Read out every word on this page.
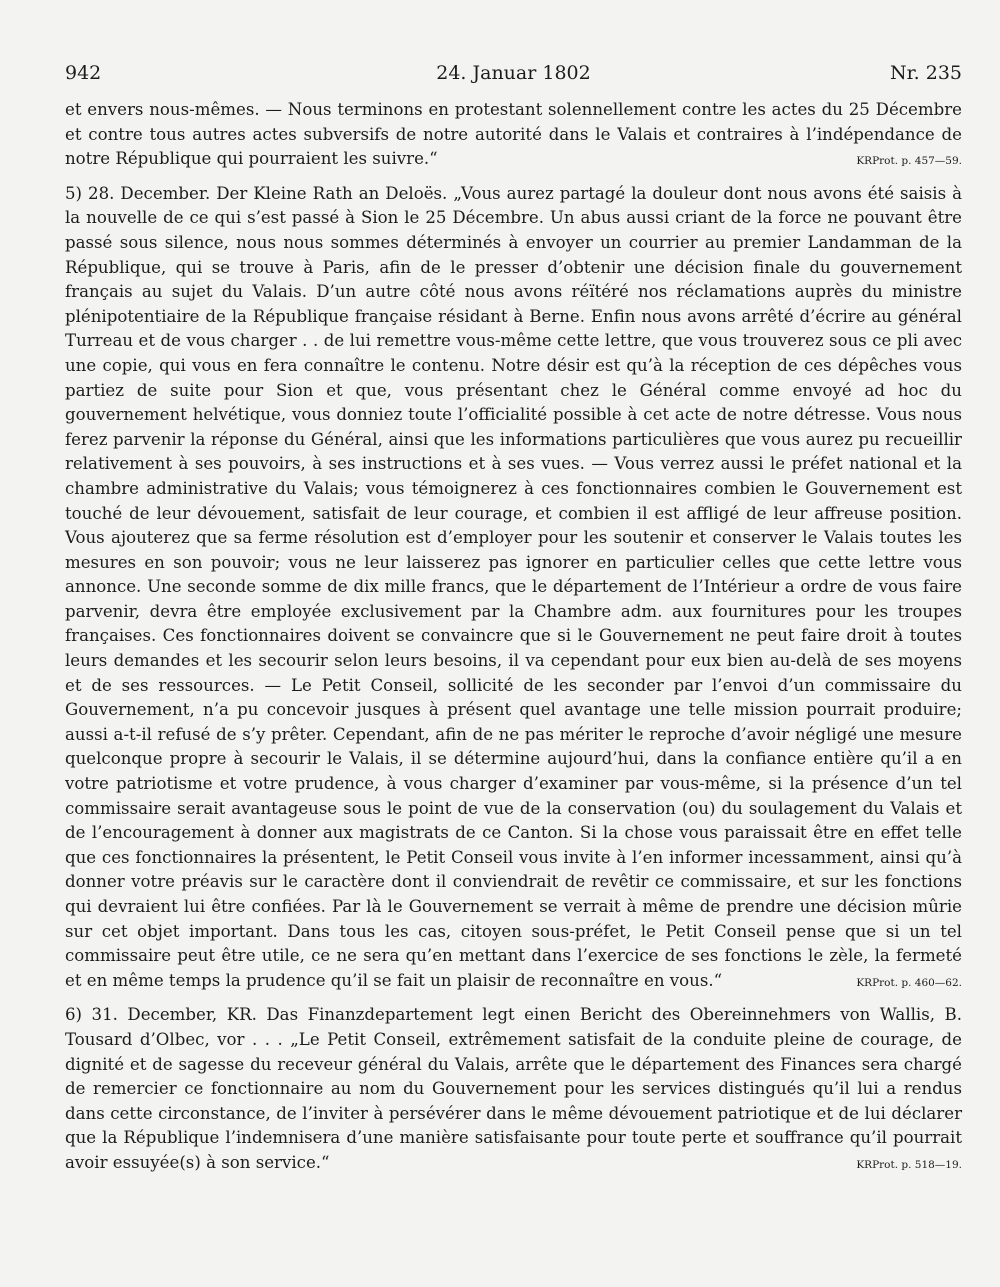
942	24. Januar 1802	Nr. 235

et envers nous-mêmes. — Nous terminons en protestant solennellement contre les actes du 25 Décembre et contre tous autres actes subversifs de notre autorité dans le Valais et contraires à l’indépendance de notre République qui pourraient les suivre.“	KRProt. p. 457—59.

5) 28. December. Der Kleine Rath an Deloës. „Vous aurez partagé la douleur dont nous avons été saisis à la nouvelle de ce qui s’est passé à Sion le 25 Décembre. Un abus aussi criant de la force ne pouvant être passé sous silence, nous nous sommes déterminés à envoyer un courrier au premier Landamman de la République, qui se trouve à Paris, afin de le presser d’obtenir une décision finale du gouvernement français au sujet du Valais. D’un autre côté nous avons réïtéré nos réclamations auprès du ministre plénipotentiaire de la République française résidant à Berne. Enfin nous avons arrêté d’écrire au général Turreau et de vous charger . . de lui remettre vous-même cette lettre, que vous trouverez sous ce pli avec une copie, qui vous en fera connaître le contenu. Notre désir est qu’à la réception de ces dépêches vous partiez de suite pour Sion et que, vous présentant chez le Général comme envoyé ad hoc du gouvernement helvétique, vous donniez toute l’officialité possible à cet acte de notre détresse. Vous nous ferez parvenir la réponse du Général, ainsi que les informations particulières que vous aurez pu recueillir relativement à ses pouvoirs, à ses instructions et à ses vues. — Vous verrez aussi le préfet national et la chambre administrative du Valais; vous témoignerez à ces fonctionnaires combien le Gouvernement est touché de leur dévouement, satisfait de leur courage, et combien il est affligé de leur affreuse position. Vous ajouterez que sa ferme résolution est d’employer pour les soutenir et conserver le Valais toutes les mesures en son pouvoir; vous ne leur laisserez pas ignorer en particulier celles que cette lettre vous annonce. Une seconde somme de dix mille francs, que le département de l’Intérieur a ordre de vous faire parvenir, devra être employée exclusivement par la Chambre adm. aux fournitures pour les troupes françaises. Ces fonctionnaires doivent se convaincre que si le Gouvernement ne peut faire droit à toutes leurs demandes et les secourir selon leurs besoins, il va cependant pour eux bien au-delà de ses moyens et de ses ressources. — Le Petit Conseil, sollicité de les seconder par l’envoi d’un commissaire du Gouvernement, n’a pu concevoir jusques à présent quel avantage une telle mission pourrait produire; aussi a-t-il refusé de s’y prêter. Cependant, afin de ne pas mériter le reproche d’avoir négligé une mesure quelconque propre à secourir le Valais, il se détermine aujourd’hui, dans la confiance entière qu’il a en votre patriotisme et votre prudence, à vous charger d’examiner par vous-même, si la présence d’un tel commissaire serait avantageuse sous le point de vue de la conservation (ou) du soulagement du Valais et de l’encouragement à donner aux magistrats de ce Canton. Si la chose vous paraissait être en effet telle que ces fonctionnaires la présentent, le Petit Conseil vous invite à l’en informer incessamment, ainsi qu’à donner votre préavis sur le caractère dont il conviendrait de revêtir ce commissaire, et sur les fonctions qui devraient lui être confiées. Par là le Gouvernement se verrait à même de prendre une décision mûrie sur cet objet important. Dans tous les cas, citoyen sous-préfet, le Petit Conseil pense que si un tel commissaire peut être utile, ce ne sera qu’en mettant dans l’exercice de ses fonctions le zèle, la fermeté et en même temps la prudence qu’il se fait un plaisir de reconnaître en vous.“	KRProt. p. 460—62.

6) 31. December, KR. Das Finanzdepartement legt einen Bericht des Obereinnehmers von Wallis, B. Tousard d’Olbec, vor . . . „Le Petit Conseil, extrêmement satisfait de la conduite pleine de courage, de dignité et de sagesse du receveur général du Valais, arrête que le département des Finances sera chargé de remercier ce fonctionnaire au nom du Gouvernement pour les services distingués qu’il lui a rendus dans cette circonstance, de l’inviter à persévérer dans le même dévouement patriotique et de lui déclarer que la République l’indemnisera d’une manière satisfaisante pour toute perte et souffrance qu’il pourrait avoir essuyée(s) à son service.“	KRProt. p. 518—19.
